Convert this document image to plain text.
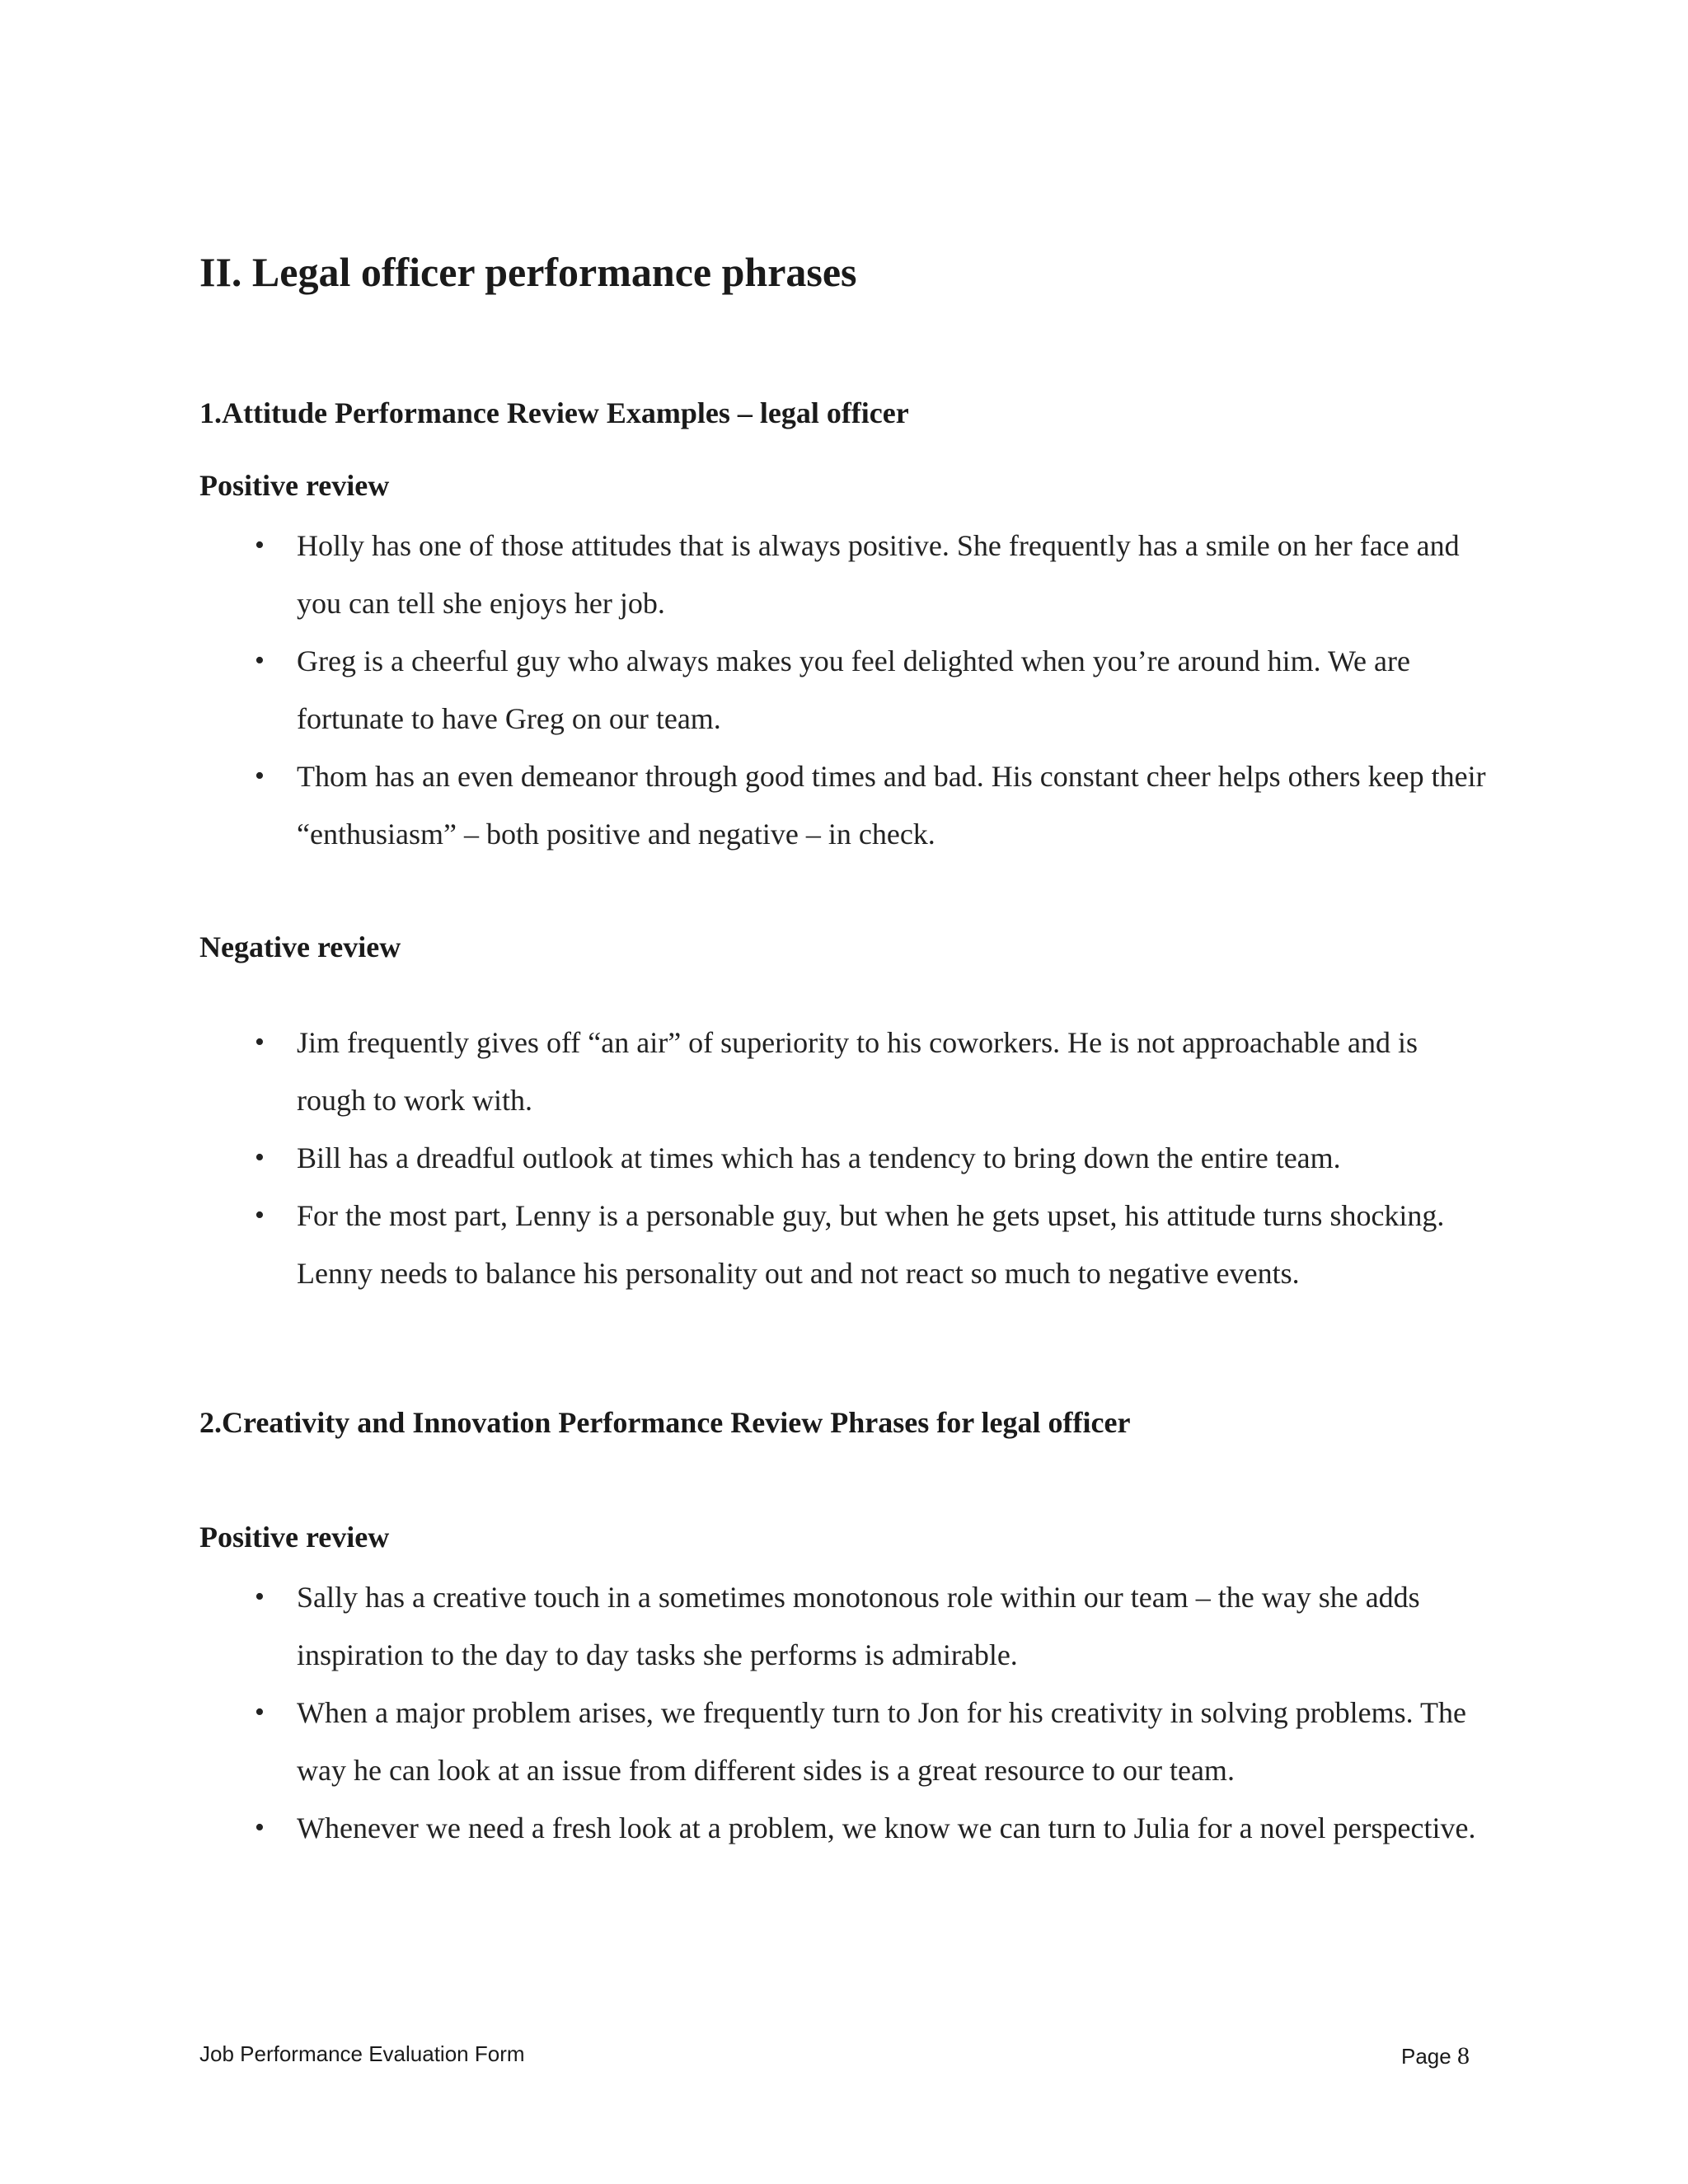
II. Legal officer performance phrases
1.Attitude Performance Review Examples – legal officer
Positive review
• Holly has one of those attitudes that is always positive. She frequently has a smile on her face and you can tell she enjoys her job.
• Greg is a cheerful guy who always makes you feel delighted when you’re around him. We are fortunate to have Greg on our team.
• Thom has an even demeanor through good times and bad. His constant cheer helps others keep their “enthusiasm” – both positive and negative – in check.
Negative review
• Jim frequently gives off “an air” of superiority to his coworkers. He is not approachable and is rough to work with.
• Bill has a dreadful outlook at times which has a tendency to bring down the entire team.
• For the most part, Lenny is a personable guy, but when he gets upset, his attitude turns shocking. Lenny needs to balance his personality out and not react so much to negative events.
2.Creativity and Innovation Performance Review Phrases for legal officer
Positive review
• Sally has a creative touch in a sometimes monotonous role within our team – the way she adds inspiration to the day to day tasks she performs is admirable.
• When a major problem arises, we frequently turn to Jon for his creativity in solving problems. The way he can look at an issue from different sides is a great resource to our team.
• Whenever we need a fresh look at a problem, we know we can turn to Julia for a novel perspective.
Job Performance Evaluation Form	Page 8
